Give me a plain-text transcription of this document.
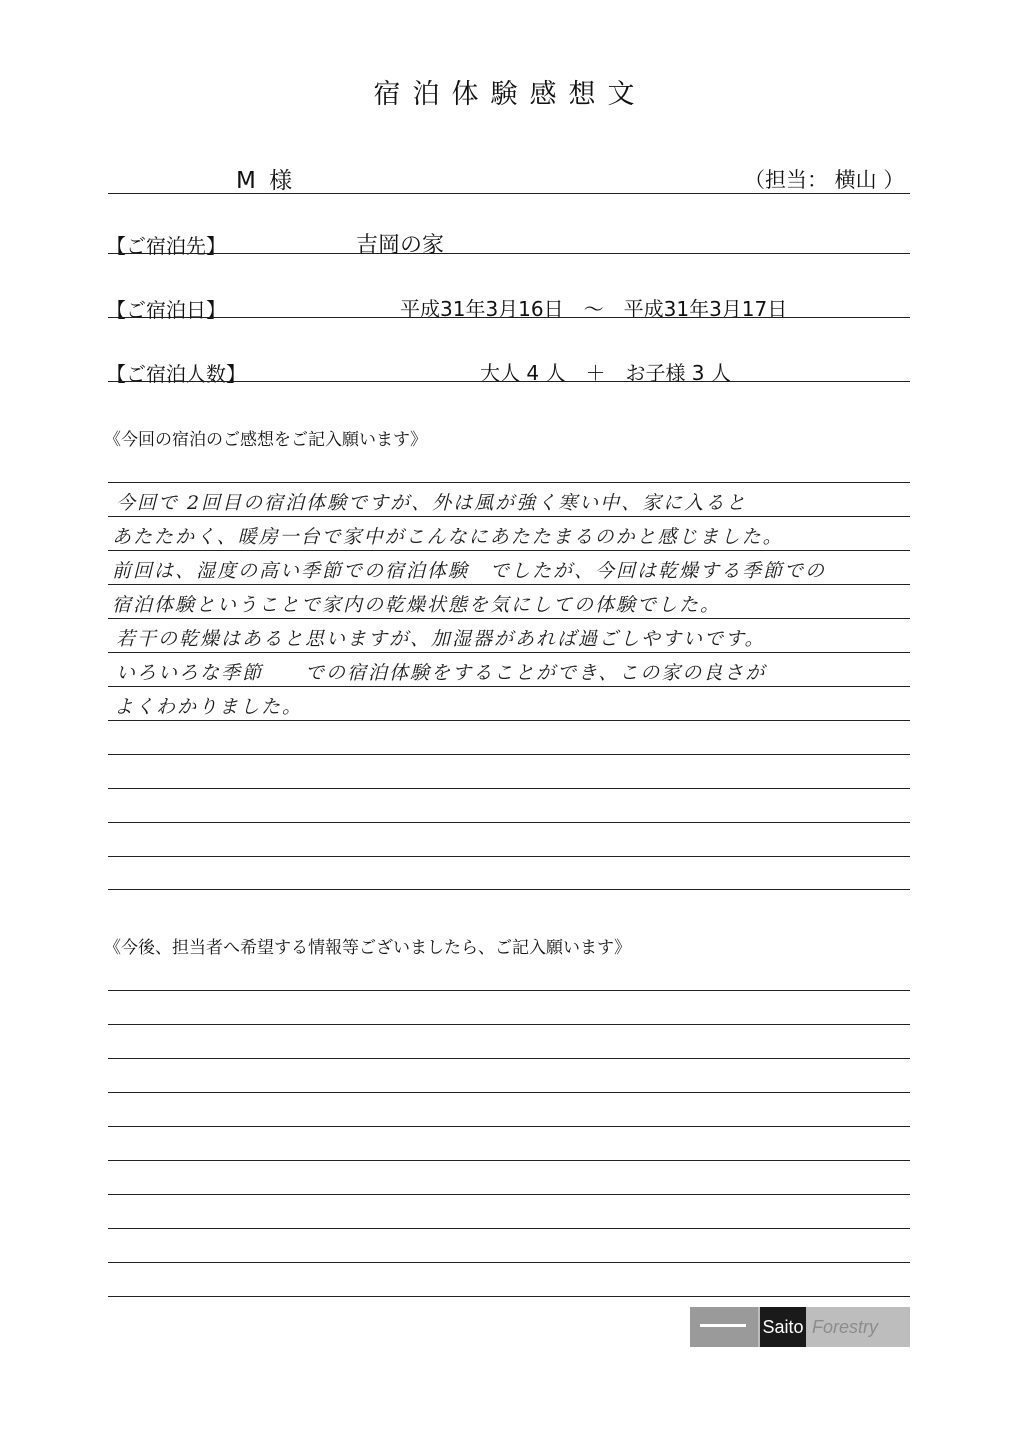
宿泊体験感想文
M 様	（担当： 横山 ）
【ご宿泊先】	吉岡の家
【ご宿泊日】	平成31年3月16日　～　平成31年3月17日
【ご宿泊人数】	大人 4 人　＋　お子様 3 人
《今回の宿泊のご感想をご記入願います》
今回で 2回目の宿泊体験ですが、外は風が強く寒い中、家に入ると
あたたかく、暖房一台で家中がこんなにあたたまるのかと感じました。
前回は、湿度の高い季節での宿泊体験　でしたが、今回は乾燥する季節での
宿泊体験ということで家内の乾燥状態を気にしての体験でした。
若干の乾燥はあると思いますが、加湿器があれば過ごしやすいです。
いろいろな季節　　での宿泊体験をすることができ、この家の良さが
よくわかりました。
《今後、担当者へ希望する情報等ございましたら、ご記入願います》
Saito Forestry
